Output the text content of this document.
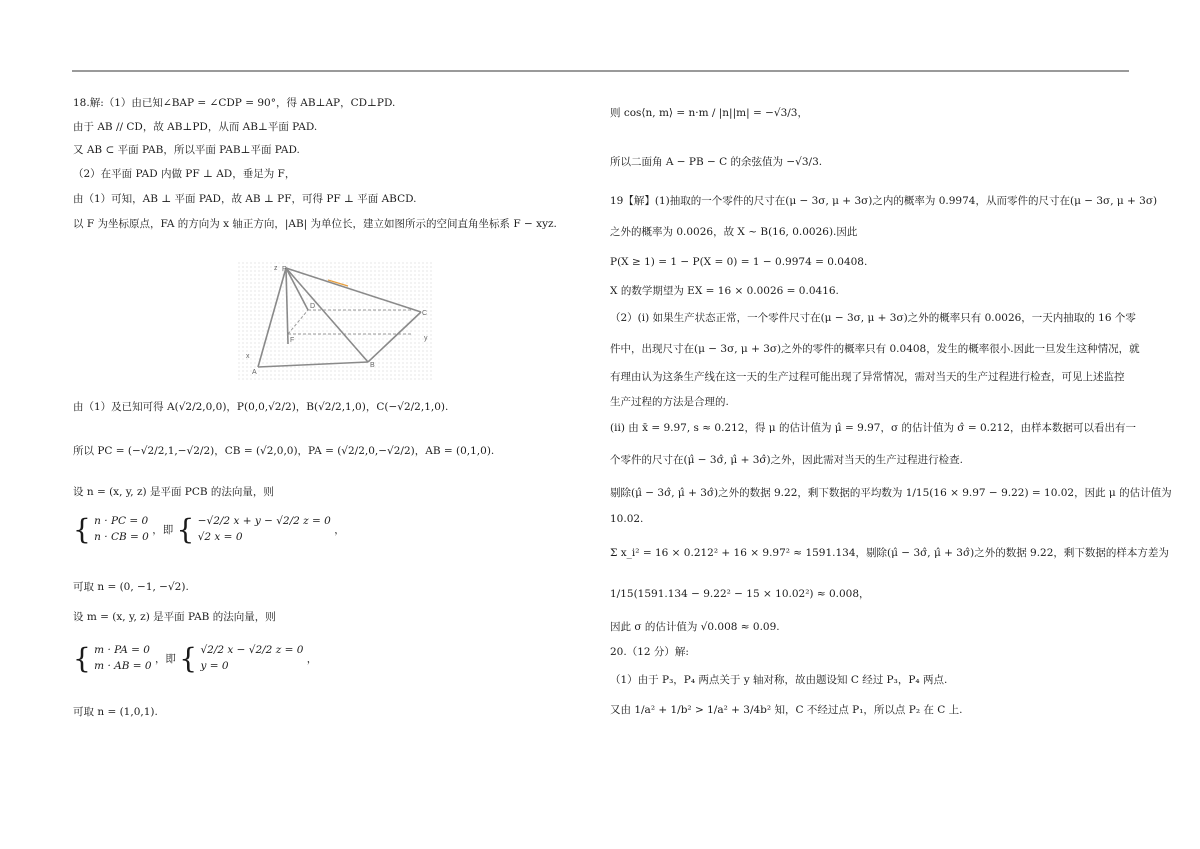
18.解:（1）由已知∠BAP = ∠CDP = 90°，得 AB⊥AP，CD⊥PD.
由于 AB // CD，故 AB⊥PD，从而 AB⊥平面 PAD.
又 AB ⊂ 平面 PAB，所以平面 PAB⊥平面 PAD.
（2）在平面 PAD 内做 PF ⊥ AD，垂足为 F，
由（1）可知，AB ⊥ 平面 PAD，故 AB ⊥ PF，可得 PF ⊥ 平面 ABCD.
以 F 为坐标原点，FA 的方向为 x 轴正方向，|AB| 为单位长，建立如图所示的空间直角坐标系 F − xyz.
由（1）及已知可得 A(√2/2,0,0)，P(0,0,√2/2)，B(√2/2,1,0)，C(−√2/2,1,0).
所以 PC = (−√2/2,1,−√2/2)，CB = (√2,0,0)，PA = (√2/2,0,−√2/2)，AB = (0,1,0).
设 n = (x, y, z) 是平面 PCB 的法向量，则
{ n · PC = 0
n · CB = 0
，即 { −√2/2 x + y − √2/2 z = 0
√2 x = 0
，
可取 n = (0, −1, −√2).
设 m = (x, y, z) 是平面 PAB 的法向量，则
{ m · PA = 0
m · AB = 0
，即 { √2/2 x − √2/2 z = 0
y = 0
，
可取 n = (1,0,1).
P
z
A
B
C
D
F
x
y
则 cos⟨n, m⟩ = n·m / |n||m| = −√3/3，
所以二面角 A − PB − C 的余弦值为 −√3/3.
19【解】(1)抽取的一个零件的尺寸在(μ − 3σ, μ + 3σ)之内的概率为 0.9974，从而零件的尺寸在(μ − 3σ, μ + 3σ)
之外的概率为 0.0026，故 X ~ B(16, 0.0026).因此
P(X ≥ 1) = 1 − P(X = 0) = 1 − 0.9974 = 0.0408.
X 的数学期望为 EX = 16 × 0.0026 = 0.0416.
（2）(i) 如果生产状态正常，一个零件尺寸在(μ − 3σ, μ + 3σ)之外的概率只有 0.0026，一天内抽取的 16 个零
件中，出现尺寸在(μ − 3σ, μ + 3σ)之外的零件的概率只有 0.0408，发生的概率很小.因此一旦发生这种情况，就
有理由认为这条生产线在这一天的生产过程可能出现了异常情况，需对当天的生产过程进行检查，可见上述监控
生产过程的方法是合理的.
(ii) 由 x̄ = 9.97, s ≈ 0.212，得 μ 的估计值为 μ̂ = 9.97，σ 的估计值为 σ̂ = 0.212，由样本数据可以看出有一
个零件的尺寸在(μ̂ − 3σ̂, μ̂ + 3σ̂)之外，因此需对当天的生产过程进行检查.
剔除(μ̂ − 3σ̂, μ̂ + 3σ̂)之外的数据 9.22，剩下数据的平均数为 1/15(16 × 9.97 − 9.22) = 10.02，因此 μ 的估计值为
10.02.
Σ x_i² = 16 × 0.212² + 16 × 9.97² ≈ 1591.134，剔除(μ̂ − 3σ̂, μ̂ + 3σ̂)之外的数据 9.22，剩下数据的样本方差为
1/15(1591.134 − 9.22² − 15 × 10.02²) ≈ 0.008，
因此 σ 的估计值为 √0.008 ≈ 0.09.
20.（12 分）解:
（1）由于 P₃，P₄ 两点关于 y 轴对称，故由题设知 C 经过 P₃，P₄ 两点.
又由 1/a² + 1/b² > 1/a² + 3/4b² 知，C 不经过点 P₁，所以点 P₂ 在 C 上.
